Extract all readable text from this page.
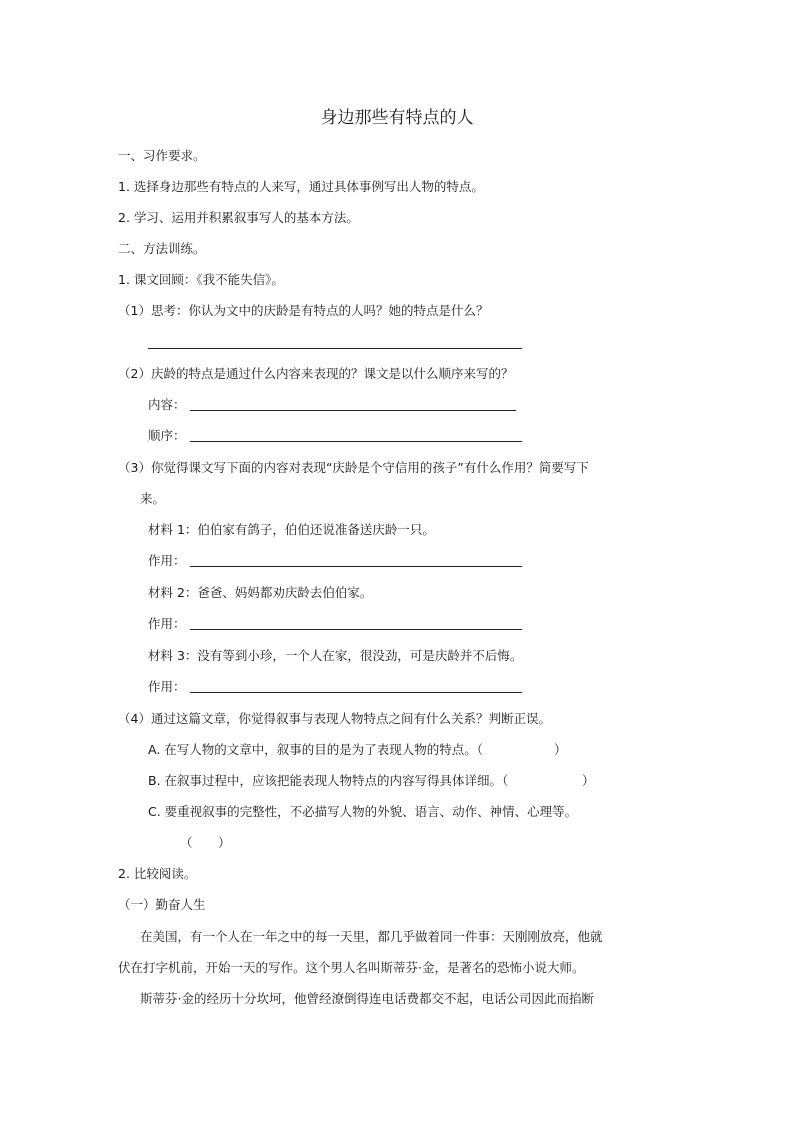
身边那些有特点的人
一、习作要求。
1. 选择身边那些有特点的人来写，通过具体事例写出人物的特点。
2. 学习、运用并积累叙事写人的基本方法。
二、方法训练。
1. 课文回顾：《我不能失信》。
（1）思考：你认为文中的庆龄是有特点的人吗？她的特点是什么？
（2）庆龄的特点是通过什么内容来表现的？课文是以什么顺序来写的？
内容：
顺序：
（3）你觉得课文写下面的内容对表现“庆龄是个守信用的孩子”有什么作用？简要写下
来。
材料 1：伯伯家有鸽子，伯伯还说准备送庆龄一只。
作用：
材料 2：爸爸、妈妈都劝庆龄去伯伯家。
作用：
材料 3：没有等到小珍，一个人在家，很没劲，可是庆龄并不后悔。
作用：
（4）通过这篇文章，你觉得叙事与表现人物特点之间有什么关系？判断正误。
A. 在写人物的文章中，叙事的目的是为了表现人物的特点。（	）
B. 在叙事过程中，应该把能表现人物特点的内容写得具体详细。（	）
C. 要重视叙事的完整性，不必描写人物的外貌、语言、动作、神情、心理等。
（ ）
2. 比较阅读。
（一）勤奋人生
在美国，有一个人在一年之中的每一天里，都几乎做着同一件事：天刚刚放亮，他就
伏在打字机前，开始一天的写作。这个男人名叫斯蒂芬·金，是著名的恐怖小说大师。
斯蒂芬·金的经历十分坎坷，他曾经潦倒得连电话费都交不起，电话公司因此而掐断
